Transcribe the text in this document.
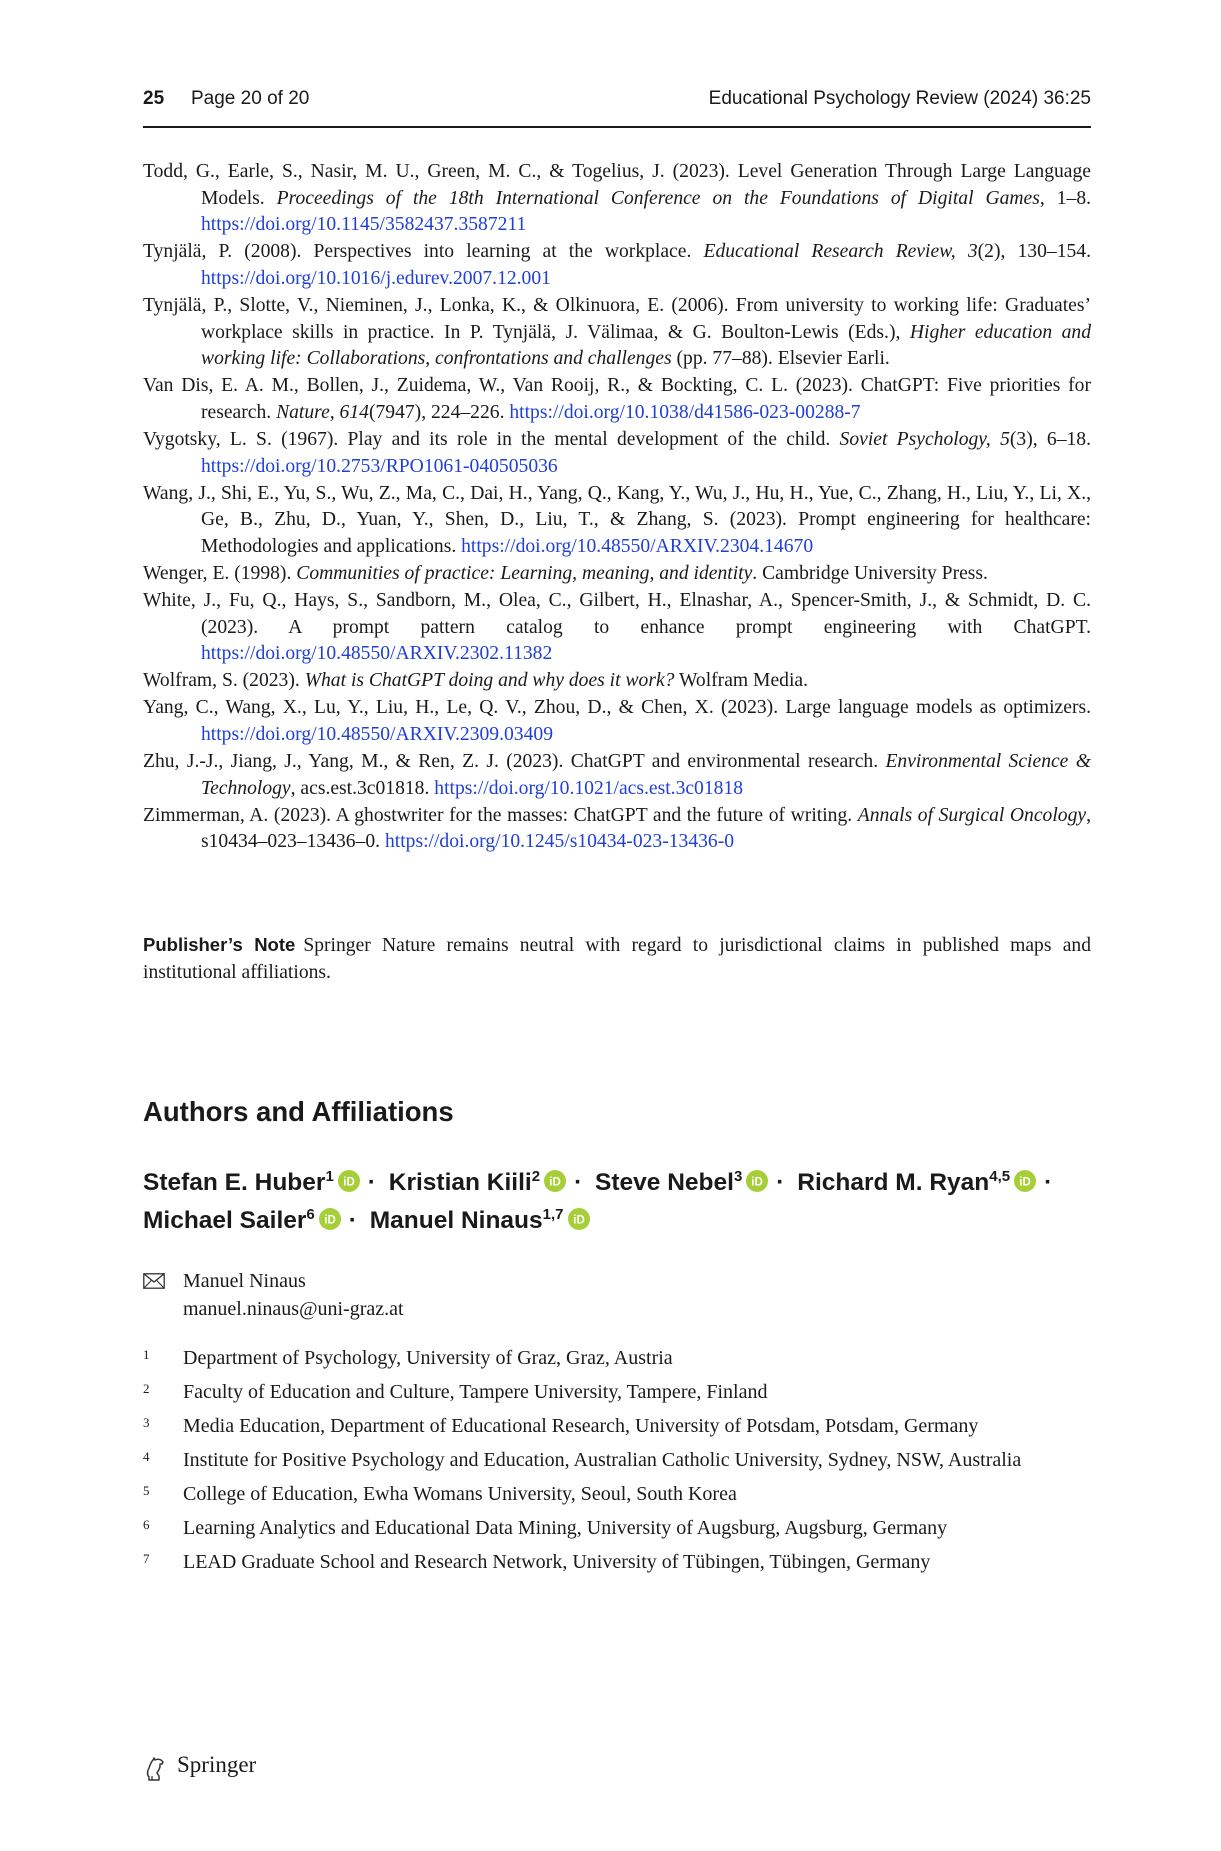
25 Page 20 of 20	Educational Psychology Review (2024) 36:25

Todd, G., Earle, S., Nasir, M. U., Green, M. C., & Togelius, J. (2023). Level Generation Through Large Language Models. Proceedings of the 18th International Conference on the Foundations of Digital Games, 1–8. https://doi.org/10.1145/3582437.3587211

Tynjälä, P. (2008). Perspectives into learning at the workplace. Educational Research Review, 3(2), 130–154. https://doi.org/10.1016/j.edurev.2007.12.001

Tynjälä, P., Slotte, V., Nieminen, J., Lonka, K., & Olkinuora, E. (2006). From university to working life: Graduates’ workplace skills in practice. In P. Tynjälä, J. Välimaa, & G. Boulton-Lewis (Eds.), Higher education and working life: Collaborations, confrontations and challenges (pp. 77–88). Elsevier Earli.

Van Dis, E. A. M., Bollen, J., Zuidema, W., Van Rooij, R., & Bockting, C. L. (2023). ChatGPT: Five priorities for research. Nature, 614(7947), 224–226. https://doi.org/10.1038/d41586-023-00288-7

Vygotsky, L. S. (1967). Play and its role in the mental development of the child. Soviet Psychology, 5(3), 6–18. https://doi.org/10.2753/RPO1061-040505036

Wang, J., Shi, E., Yu, S., Wu, Z., Ma, C., Dai, H., Yang, Q., Kang, Y., Wu, J., Hu, H., Yue, C., Zhang, H., Liu, Y., Li, X., Ge, B., Zhu, D., Yuan, Y., Shen, D., Liu, T., & Zhang, S. (2023). Prompt engineering for healthcare: Methodologies and applications. https://doi.org/10.48550/ARXIV.2304.14670

Wenger, E. (1998). Communities of practice: Learning, meaning, and identity. Cambridge University Press.

White, J., Fu, Q., Hays, S., Sandborn, M., Olea, C., Gilbert, H., Elnashar, A., Spencer-Smith, J., & Schmidt, D. C. (2023). A prompt pattern catalog to enhance prompt engineering with ChatGPT. https://doi.org/10.48550/ARXIV.2302.11382

Wolfram, S. (2023). What is ChatGPT doing and why does it work? Wolfram Media.

Yang, C., Wang, X., Lu, Y., Liu, H., Le, Q. V., Zhou, D., & Chen, X. (2023). Large language models as optimizers. https://doi.org/10.48550/ARXIV.2309.03409

Zhu, J.-J., Jiang, J., Yang, M., & Ren, Z. J. (2023). ChatGPT and environmental research. Environmental Science & Technology, acs.est.3c01818. https://doi.org/10.1021/acs.est.3c01818

Zimmerman, A. (2023). A ghostwriter for the masses: ChatGPT and the future of writing. Annals of Surgical Oncology, s10434–023–13436–0. https://doi.org/10.1245/s10434-023-13436-0

Publisher’s Note Springer Nature remains neutral with regard to jurisdictional claims in published maps and institutional affiliations.
Authors and Affiliations
Stefan E. Huber$^1$ iD · Kristian Kiili$^2$ iD · Steve Nebel$^3$ iD · Richard M. Ryan$^{4,5}$ iD ·
Michael Sailer$^6$ iD · Manuel Ninaus$^{1,7}$ iD
Manuel Ninaus
manuel.ninaus@uni-graz.at
1 Department of Psychology, University of Graz, Graz, Austria
2 Faculty of Education and Culture, Tampere University, Tampere, Finland
3 Media Education, Department of Educational Research, University of Potsdam, Potsdam, Germany
4 Institute for Positive Psychology and Education, Australian Catholic University, Sydney, NSW, Australia
5 College of Education, Ewha Womans University, Seoul, South Korea
6 Learning Analytics and Educational Data Mining, University of Augsburg, Augsburg, Germany
7 LEAD Graduate School and Research Network, University of Tübingen, Tübingen, Germany
Springer
